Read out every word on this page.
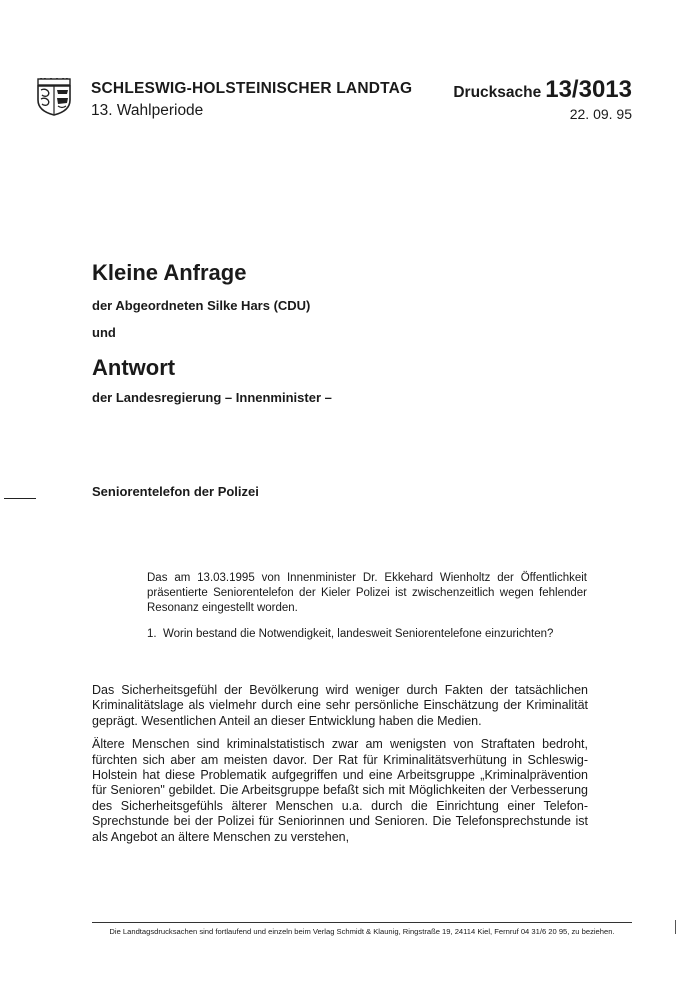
SCHLESWIG-HOLSTEINISCHER LANDTAG
13. Wahlperiode
Drucksache 13/3013
22. 09. 95
Kleine Anfrage
der Abgeordneten Silke Hars (CDU)
und
Antwort
der Landesregierung – Innenminister –
Seniorentelefon der Polizei

Das am 13.03.1995 von Innenminister Dr. Ekkehard Wienholtz der Öffentlichkeit präsentierte Seniorentelefon der Kieler Polizei ist zwischenzeitlich wegen fehlender Resonanz eingestellt worden.

1. Worin bestand die Notwendigkeit, landesweit Seniorentelefone einzurichten?

Das Sicherheitsgefühl der Bevölkerung wird weniger durch Fakten der tatsächlichen Kriminalitätslage als vielmehr durch eine sehr persönliche Einschätzung der Kriminalität geprägt. Wesentlichen Anteil an dieser Entwicklung haben die Medien.

Ältere Menschen sind kriminalstatistisch zwar am wenigsten von Straftaten bedroht, fürchten sich aber am meisten davor. Der Rat für Kriminalitätsverhütung in Schleswig-Holstein hat diese Problematik aufgegriffen und eine Arbeitsgruppe „Kriminalprävention für Senioren" gebildet. Die Arbeitsgruppe befaßt sich mit Möglichkeiten der Verbesserung des Sicherheitsgefühls älterer Menschen u.a. durch die Einrichtung einer Telefon-Sprechstunde bei der Polizei für Seniorinnen und Senioren. Die Telefonsprechstunde ist als Angebot an ältere Menschen zu verstehen,

Die Landtagsdrucksachen sind fortlaufend und einzeln beim Verlag Schmidt & Klaunig, Ringstraße 19, 24114 Kiel, Fernruf 04 31/6 20 95, zu beziehen.
